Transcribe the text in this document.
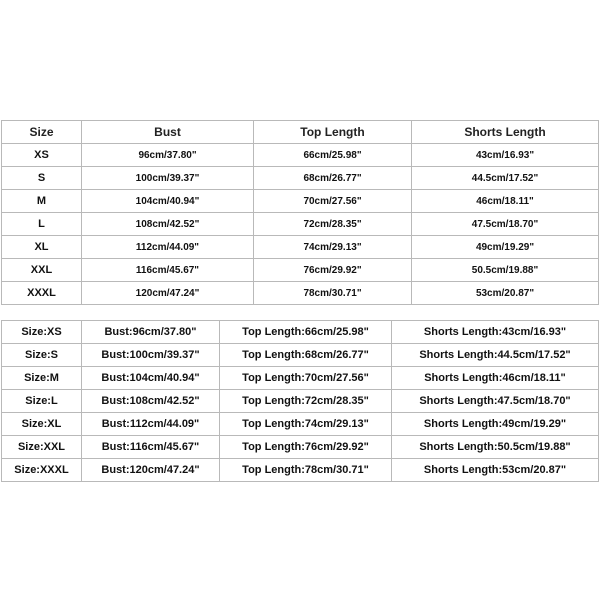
Size	Bust	Top Length	Shorts Length
XS	96cm/37.80"	66cm/25.98"	43cm/16.93"
S	100cm/39.37"	68cm/26.77"	44.5cm/17.52"
M	104cm/40.94"	70cm/27.56"	46cm/18.11"
L	108cm/42.52"	72cm/28.35"	47.5cm/18.70"
XL	112cm/44.09"	74cm/29.13"	49cm/19.29"
XXL	116cm/45.67"	76cm/29.92"	50.5cm/19.88"
XXXL	120cm/47.24"	78cm/30.71"	53cm/20.87"
Size:XS	Bust:96cm/37.80"	Top Length:66cm/25.98"	Shorts Length:43cm/16.93"
Size:S	Bust:100cm/39.37"	Top Length:68cm/26.77"	Shorts Length:44.5cm/17.52"
Size:M	Bust:104cm/40.94"	Top Length:70cm/27.56"	Shorts Length:46cm/18.11"
Size:L	Bust:108cm/42.52"	Top Length:72cm/28.35"	Shorts Length:47.5cm/18.70"
Size:XL	Bust:112cm/44.09"	Top Length:74cm/29.13"	Shorts Length:49cm/19.29"
Size:XXL	Bust:116cm/45.67"	Top Length:76cm/29.92"	Shorts Length:50.5cm/19.88"
Size:XXXL	Bust:120cm/47.24"	Top Length:78cm/30.71"	Shorts Length:53cm/20.87"
